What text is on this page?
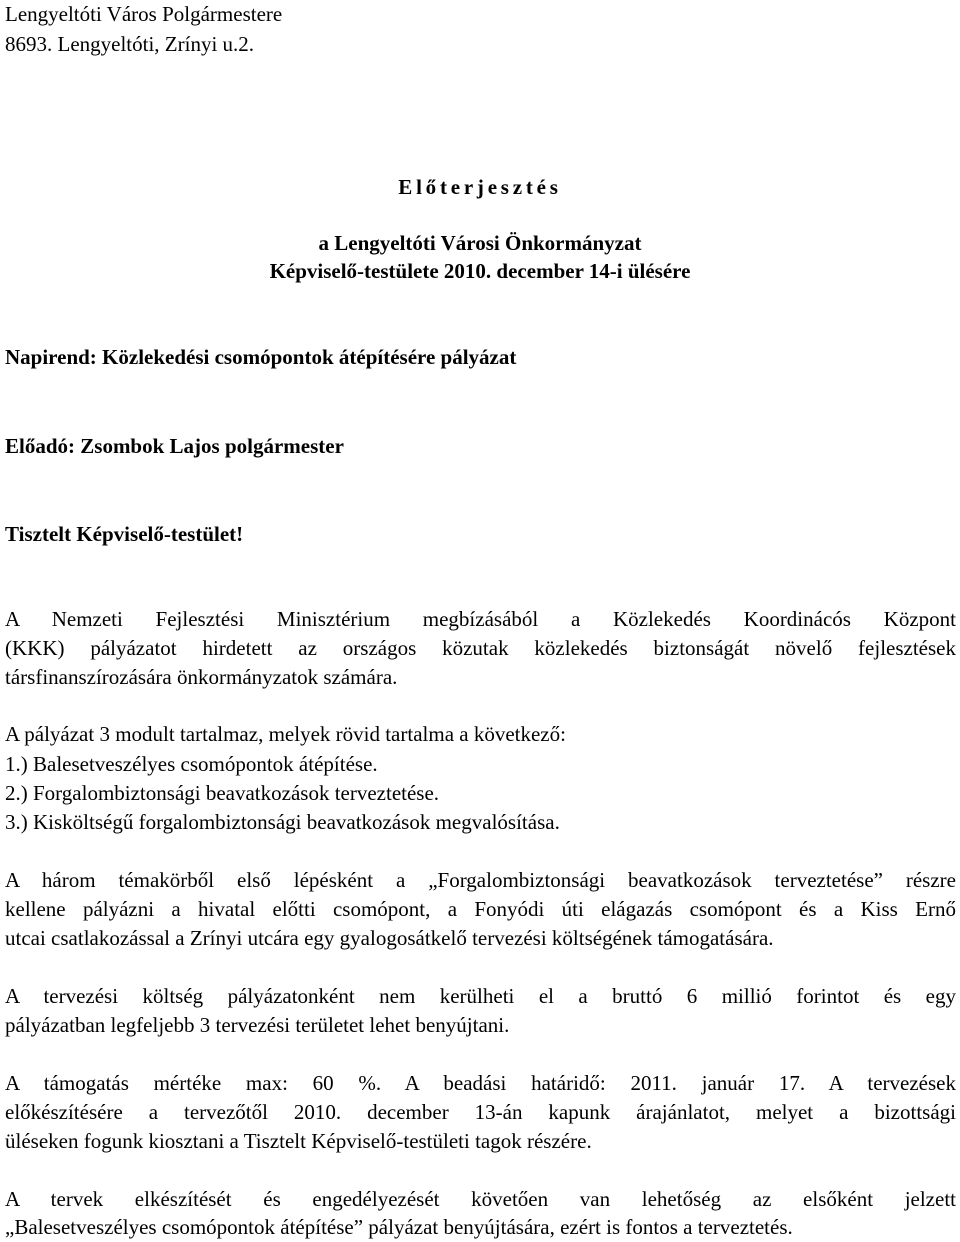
Lengyeltóti Város Polgármestere
8693. Lengyeltóti, Zrínyi u.2.
Előterjesztés
a Lengyeltóti Városi Önkormányzat
Képviselő-testülete 2010. december 14-i ülésére
Napirend: Közlekedési csomópontok átépítésére pályázat
Előadó: Zsombok Lajos polgármester
Tisztelt Képviselő-testület!
A Nemzeti Fejlesztési Minisztérium megbízásából a Közlekedés Koordinácós Központ
(KKK) pályázatot hirdetett az országos közutak közlekedés biztonságát növelő fejlesztések
társfinanszírozására önkormányzatok számára.
A pályázat 3 modult tartalmaz, melyek rövid tartalma a következő:
1.) Balesetveszélyes csomópontok átépítése.
2.) Forgalombiztonsági beavatkozások terveztetése.
3.) Kisköltségű forgalombiztonsági beavatkozások megvalósítása.
A három témakörből első lépésként a „Forgalombiztonsági beavatkozások terveztetése” részre
kellene pályázni a hivatal előtti csomópont, a Fonyódi úti elágazás csomópont és a Kiss Ernő
utcai csatlakozással a Zrínyi utcára egy gyalogosátkelő tervezési költségének támogatására.
A tervezési költség pályázatonként nem kerülheti el a bruttó 6 millió forintot és egy
pályázatban legfeljebb 3 tervezési területet lehet benyújtani.
A támogatás mértéke max: 60 %. A beadási határidő: 2011. január 17. A tervezések
előkészítésére a tervezőtől 2010. december 13-án kapunk árajánlatot, melyet a bizottsági
üléseken fogunk kiosztani a Tisztelt Képviselő-testületi tagok részére.
A tervek elkészítését és engedélyezését követően van lehetőség az elsőként jelzett
„Balesetveszélyes csomópontok átépítése” pályázat benyújtására, ezért is fontos a terveztetés.
